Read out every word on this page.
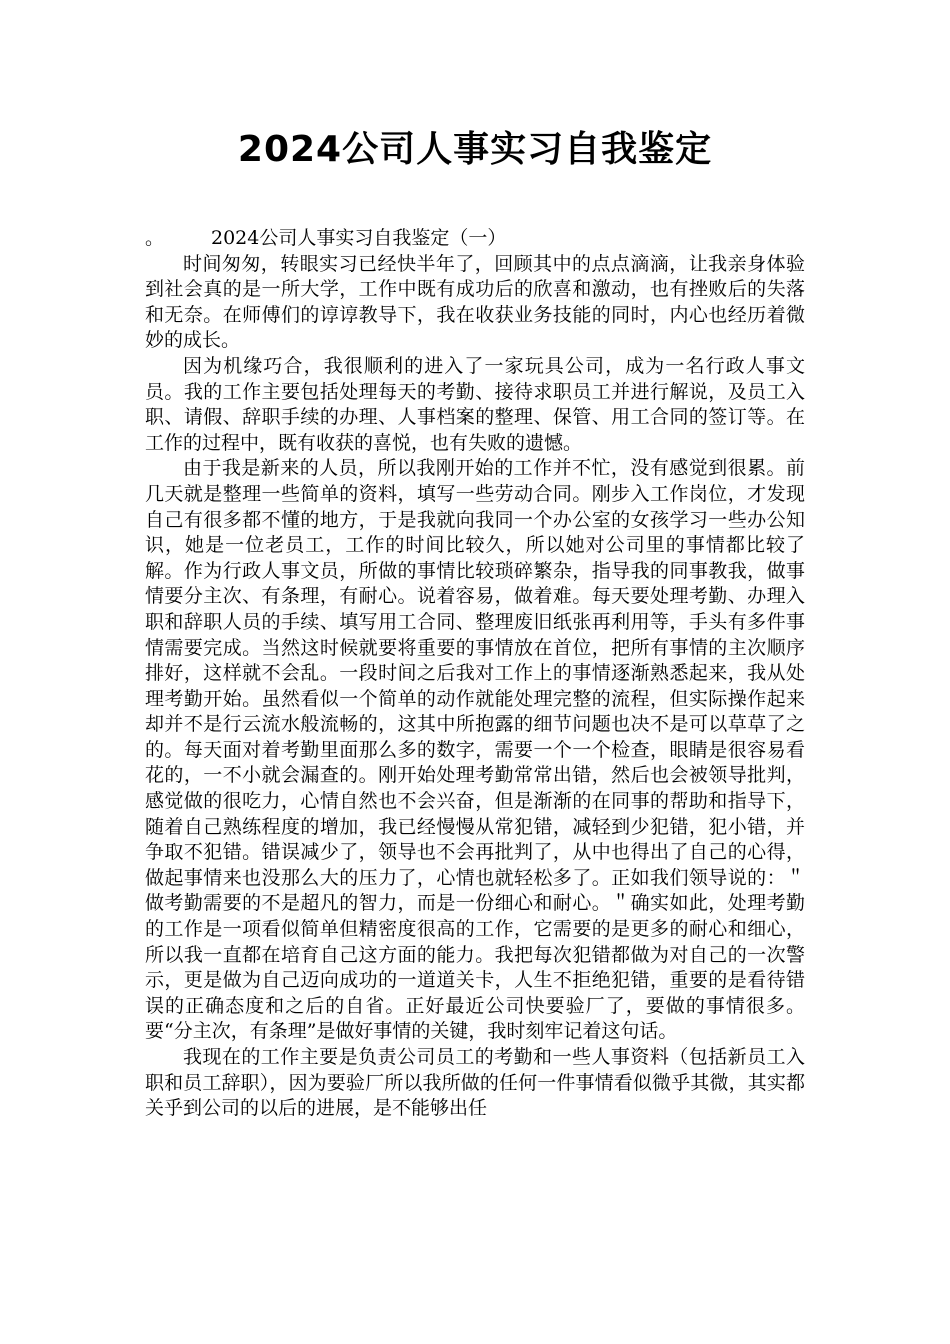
2024公司人事实习自我鉴定

。 2024公司人事实习自我鉴定（一）

时间匆匆，转眼实习已经快半年了，回顾其中的点点滴滴，让我亲身体验到社会真的是一所大学，工作中既有成功后的欣喜和激动，也有挫败后的失落和无奈。在师傅们的谆谆教导下，我在收获业务技能的同时，内心也经历着微妙的成长。

因为机缘巧合，我很顺利的进入了一家玩具公司，成为一名行政人事文员。我的工作主要包括处理每天的考勤、接待求职员工并进行解说，及员工入职、请假、辞职手续的办理、人事档案的整理、保管、用工合同的签订等。在工作的过程中，既有收获的喜悦，也有失败的遗憾。

由于我是新来的人员，所以我刚开始的工作并不忙，没有感觉到很累。前几天就是整理一些简单的资料，填写一些劳动合同。刚步入工作岗位，才发现自己有很多都不懂的地方，于是我就向我同一个办公室的女孩学习一些办公知识，她是一位老员工，工作的时间比较久，所以她对公司里的事情都比较了解。作为行政人事文员，所做的事情比较琐碎繁杂，指导我的同事教我，做事情要分主次、有条理，有耐心。说着容易，做着难。每天要处理考勤、办理入职和辞职人员的手续、填写用工合同、整理废旧纸张再利用等，手头有多件事情需要完成。当然这时候就要将重要的事情放在首位，把所有事情的主次顺序排好，这样就不会乱。一段时间之后我对工作上的事情逐渐熟悉起来，我从处理考勤开始。虽然看似一个简单的动作就能处理完整的流程，但实际操作起来却并不是行云流水般流畅的，这其中所抱露的细节问题也决不是可以草草了之的。每天面对着考勤里面那么多的数字，需要一个一个检查，眼睛是很容易看花的，一不小就会漏查的。刚开始处理考勤常常出错，然后也会被领导批判，感觉做的很吃力，心情自然也不会兴奋，但是渐渐的在同事的帮助和指导下，随着自己熟练程度的增加，我已经慢慢从常犯错，减轻到少犯错，犯小错，并争取不犯错。错误减少了，领导也不会再批判了，从中也得出了自己的心得，做起事情来也没那么大的压力了，心情也就轻松多了。正如我们领导说的：＂做考勤需要的不是超凡的智力，而是一份细心和耐心。＂确实如此，处理考勤的工作是一项看似简单但精密度很高的工作，它需要的是更多的耐心和细心，所以我一直都在培育自己这方面的能力。我把每次犯错都做为对自己的一次警示，更是做为自己迈向成功的一道道关卡，人生不拒绝犯错，重要的是看待错误的正确态度和之后的自省。正好最近公司快要验厂了，要做的事情很多。要“分主次，有条理”是做好事情的关键，我时刻牢记着这句话。

我现在的工作主要是负责公司员工的考勤和一些人事资料（包括新员工入职和员工辞职），因为要验厂所以我所做的任何一件事情看似微乎其微，其实都关乎到公司的以后的进展，是不能够出任
